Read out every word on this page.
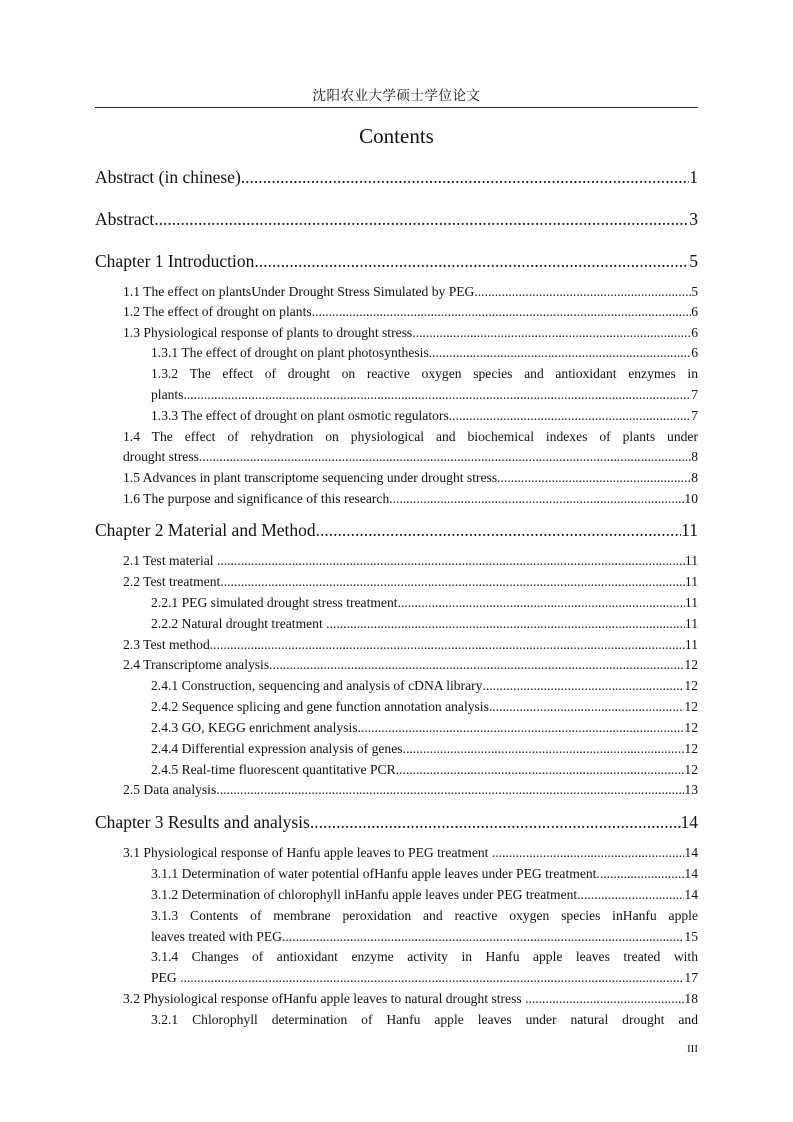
沈阳农业大学硕士学位论文
Contents
Abstract (in chinese) .....	1
Abstract .....	3
Chapter 1 Introduction .....	5
1.1 The effect on plantsUnder Drought Stress Simulated by PEG .....	5
1.2 The effect of drought on plants .....	6
1.3 Physiological response of plants to drought stress .....	6
1.3.1 The effect of drought on plant photosynthesis .....	6
1.3.2 The effect of drought on reactive oxygen species and antioxidant enzymes in
plants .....	7
1.3.3 The effect of drought on plant osmotic regulators .....	7
1.4 The effect of rehydration on physiological and biochemical indexes of plants under
drought stress .....	8
1.5 Advances in plant transcriptome sequencing under drought stress .....	8
1.6 The purpose and significance of this research .....	10
Chapter 2 Material and Method .....	11
2.1 Test material .....	11
2.2 Test treatment .....	11
2.2.1 PEG simulated drought stress treatment .....	11
2.2.2 Natural drought treatment .....	11
2.3 Test method .....	11
2.4 Transcriptome analysis .....	12
2.4.1 Construction, sequencing and analysis of cDNA library .....	12
2.4.2 Sequence splicing and gene function annotation analysis .....	12
2.4.3 GO, KEGG enrichment analysis .....	12
2.4.4 Differential expression analysis of genes .....	12
2.4.5 Real-time fluorescent quantitative PCR .....	12
2.5 Data analysis .....	13
Chapter 3 Results and analysis .....	14
3.1 Physiological response of Hanfu apple leaves to PEG treatment .....	14
3.1.1 Determination of water potential ofHanfu apple leaves under PEG treatment .....	14
3.1.2 Determination of chlorophyll inHanfu apple leaves under PEG treatment .....	14
3.1.3 Contents of membrane peroxidation and reactive oxygen species inHanfu apple
leaves treated with PEG .....	15
3.1.4 Changes of antioxidant enzyme activity in Hanfu apple leaves treated with
PEG .....	17
3.2 Physiological response ofHanfu apple leaves to natural drought stress .....	18
3.2.1 Chlorophyll determination of Hanfu apple leaves under natural drought and
III
